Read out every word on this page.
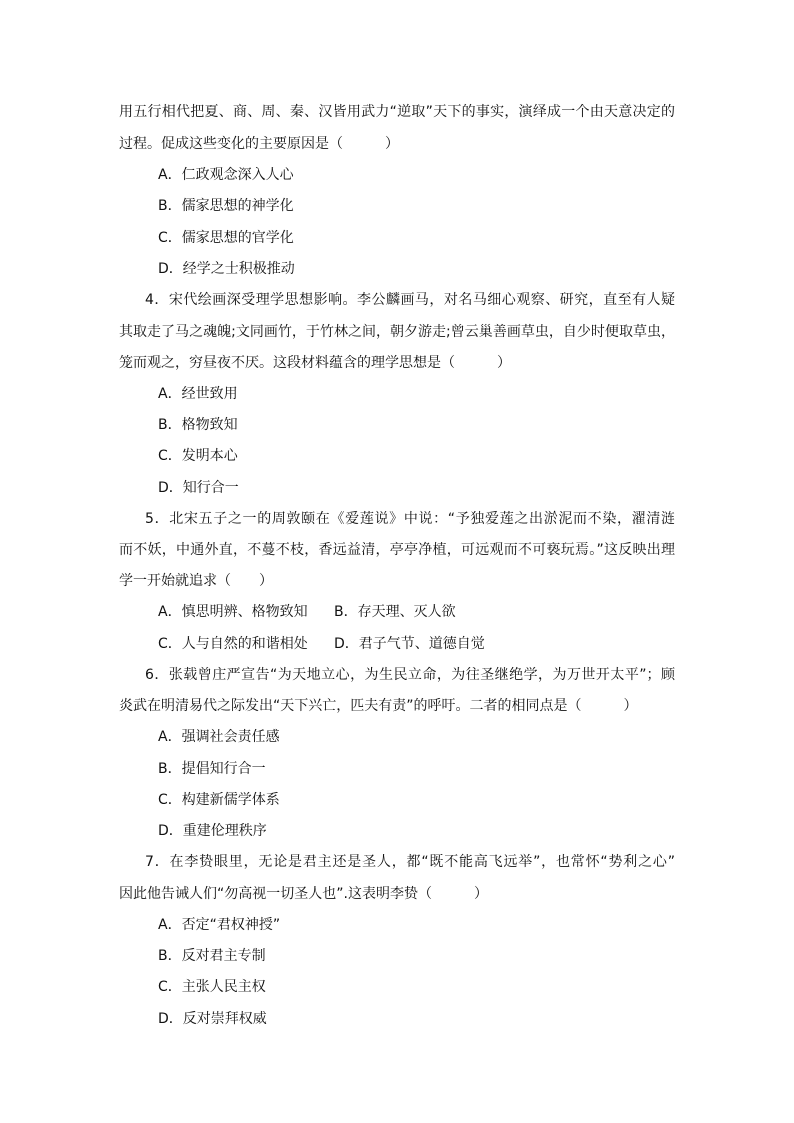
用五行相代把夏、商、周、秦、汉皆用武力“逆取”天下的事实，演绎成一个由天意决定的
过程。促成这些变化的主要原因是（　　　）
A．仁政观念深入人心
B．儒家思想的神学化
C．儒家思想的官学化
D．经学之士积极推动
4．宋代绘画深受理学思想影响。李公麟画马，对名马细心观察、研究，直至有人疑
其取走了马之魂魄;文同画竹，于竹林之间，朝夕游走;曾云巢善画草虫，自少时便取草虫，
笼而观之，穷昼夜不厌。这段材料蕴含的理学思想是（　　　）
A．经世致用
B．格物致知
C．发明本心
D．知行合一
5．北宋五子之一的周敦颐在《爱莲说》中说：“予独爱莲之出淤泥而不染，濯清涟
而不妖，中通外直，不蔓不枝，香远益清，亭亭净植，可远观而不可亵玩焉。”这反映出理
学一开始就追求（　　）
A．慎思明辨、格物致知 B．存天理、灭人欲
C．人与自然的和谐相处 D．君子气节、道德自觉
6．张载曾庄严宣告“为天地立心，为生民立命，为往圣继绝学，为万世开太平”；顾
炎武在明清易代之际发出“天下兴亡，匹夫有责”的呼吁。二者的相同点是（　　　）
A．强调社会责任感
B．提倡知行合一
C．构建新儒学体系
D．重建伦理秩序
7．在李贽眼里，无论是君主还是圣人，都“既不能高飞远举”，也常怀“势利之心”
因此他告诫人们“勿高视一切圣人也”.这表明李贽（　　　）
A．否定“君权神授”
B．反对君主专制
C．主张人民主权
D．反对崇拜权威
